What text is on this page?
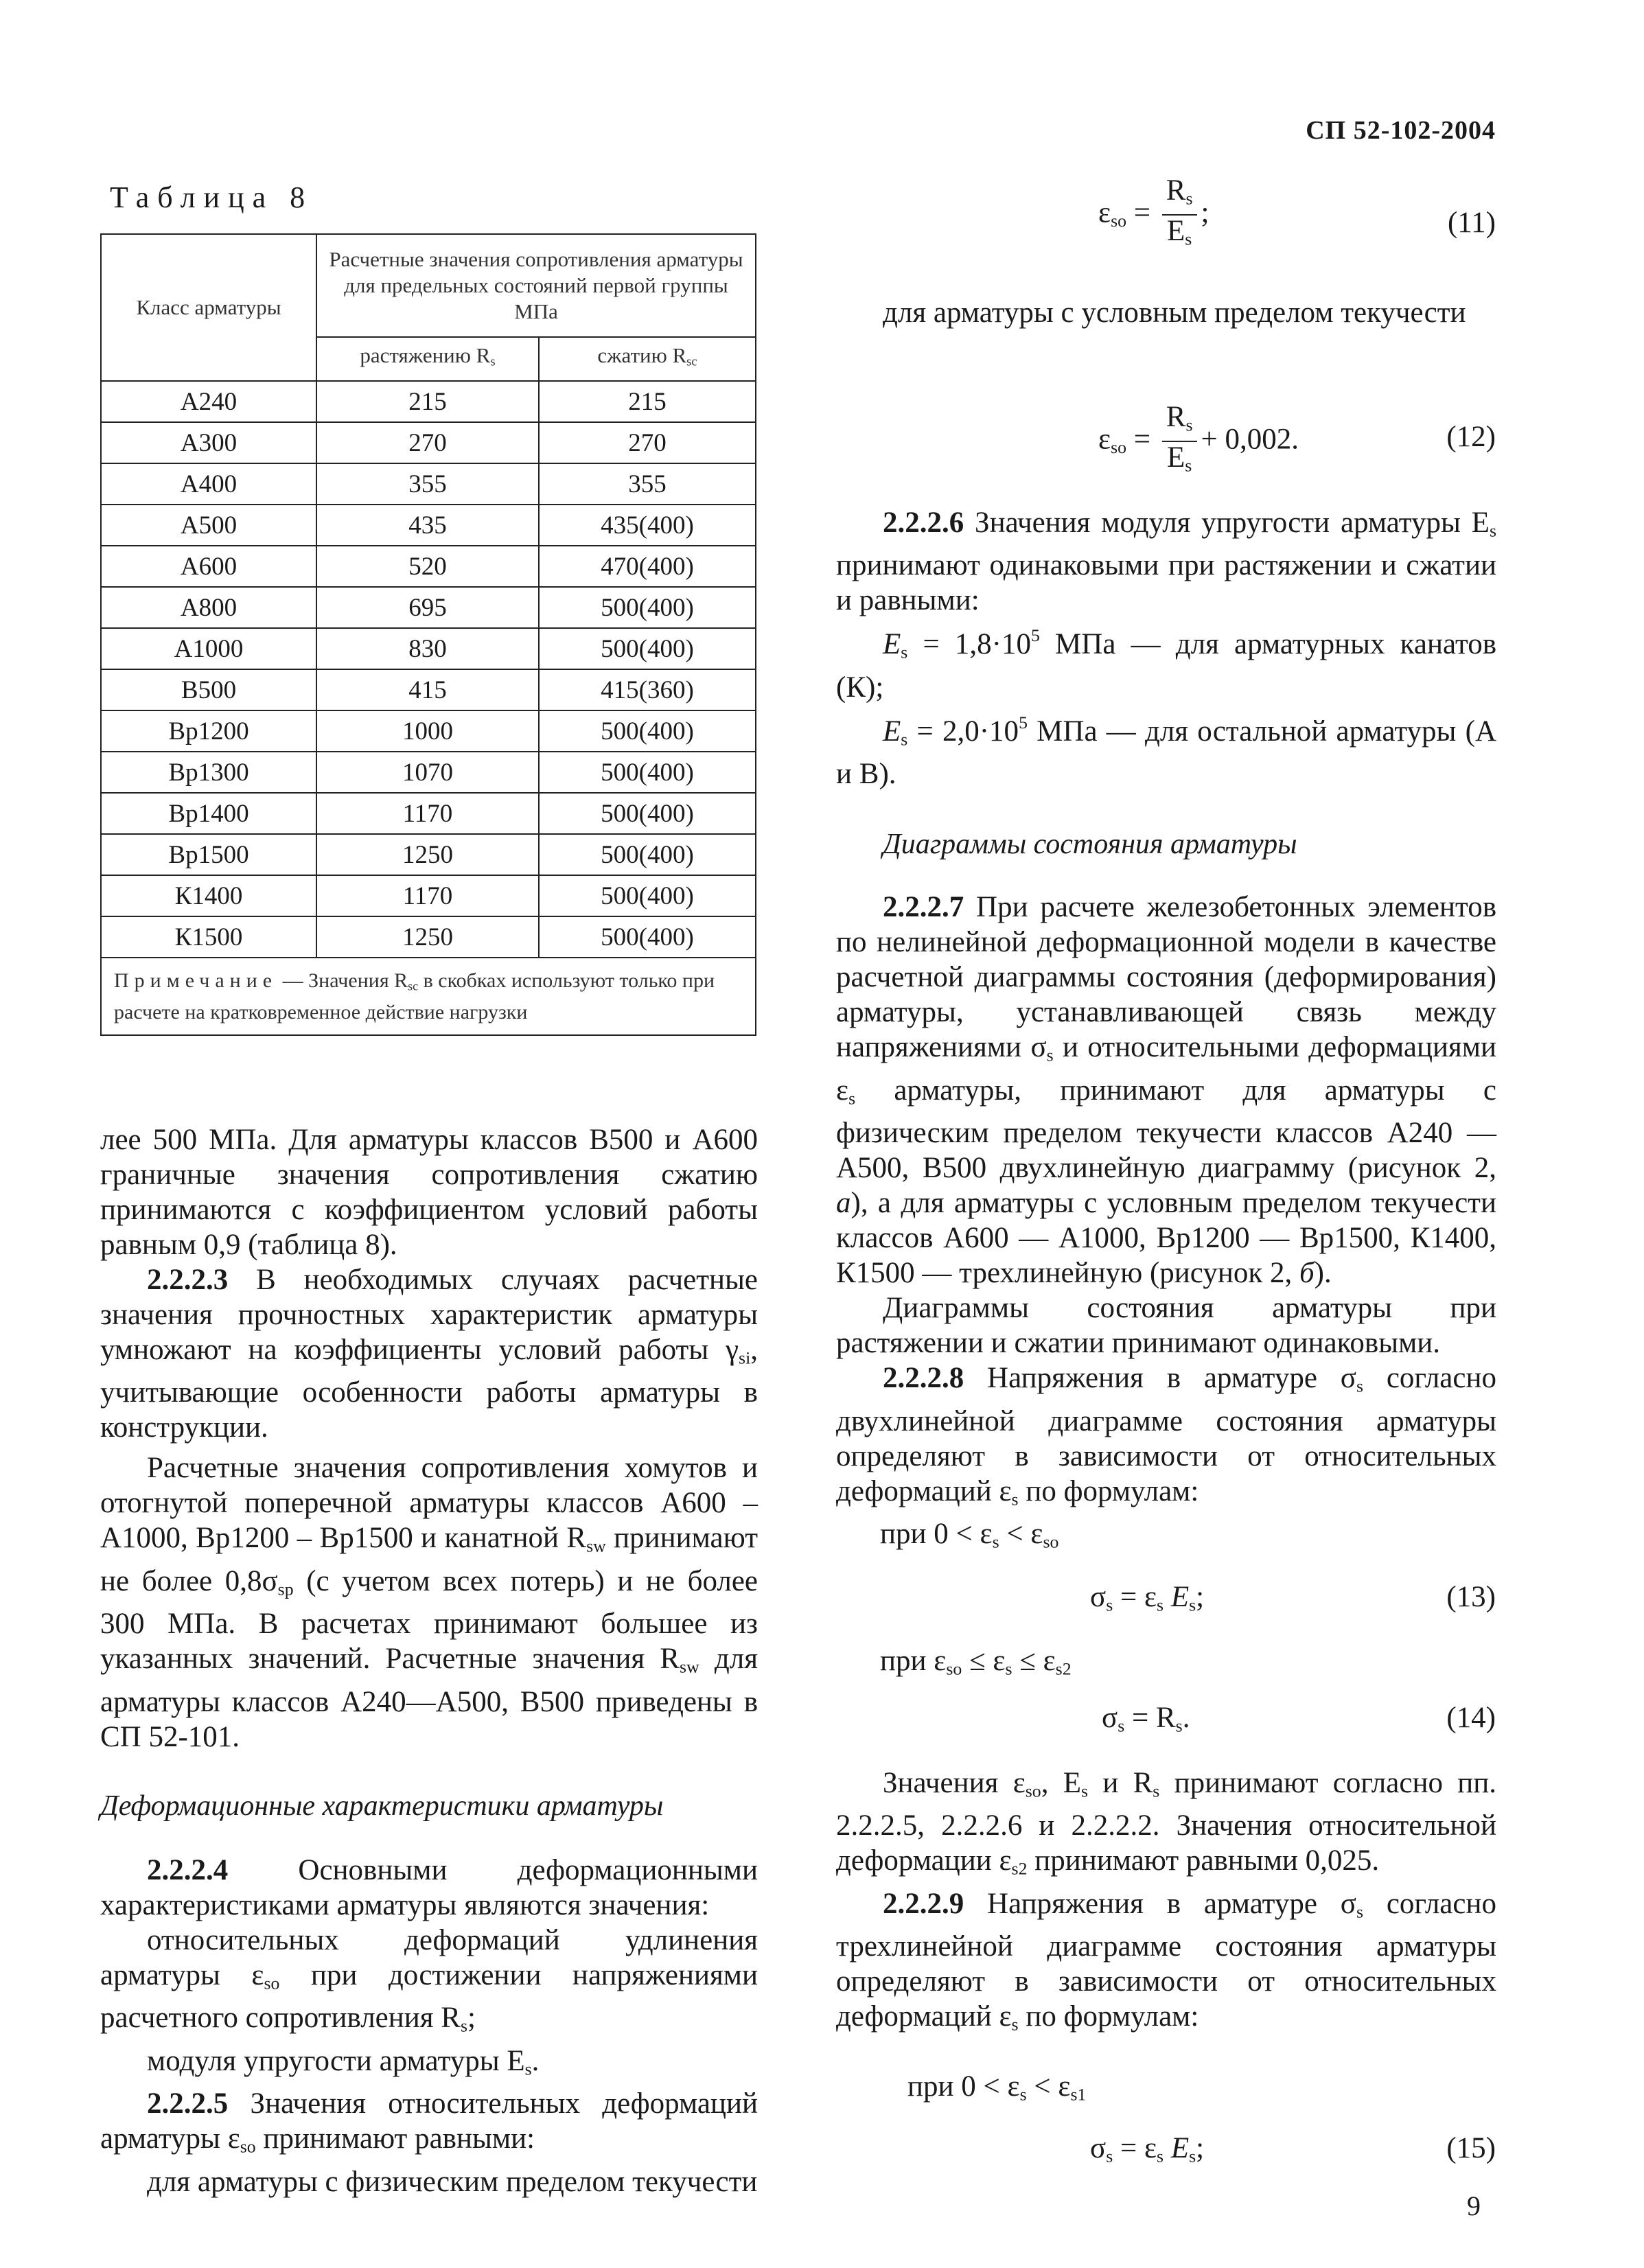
СП 52-102-2004
9
Таблица 8
Класс арматуры	Расчетные значения сопротивления арматуры для предельных состояний первой группы МПа	
	растяжению $R_s$	сжатию $R_{sc}$
А240	215	215
А300	270	270
А400	355	355
А500	435	435(400)
А600	520	470(400)
А800	695	500(400)
А1000	830	500(400)
В500	415	415(360)
Вр1200	1000	500(400)
Вр1300	1070	500(400)
Вр1400	1170	500(400)
Вр1500	1250	500(400)
К1400	1170	500(400)
К1500	1250	500(400)
Примечание — Значения $R_{sc}$ в скобках используют только при расчете на кратковременное действие нагрузки		

лее 500 МПа. Для арматуры классов В500 и А600 граничные значения сопротивления сжатию принимаются с коэффициентом условий работы равным 0,9 (таблица 8).

2.2.2.3 В необходимых случаях расчетные значения прочностных характеристик арматуры умножают на коэффициенты условий работы $\gamma_{si}$, учитывающие особенности работы арматуры в конструкции.

Расчетные значения сопротивления хомутов и отогнутой поперечной арматуры классов А600 – А1000, Вр1200 – Вр1500 и канатной $R_{sw}$ принимают не более $0,8\sigma_{sp}$ (с учетом всех потерь) и не более 300 МПа. В расчетах принимают большее из указанных значений. Расчетные значения $R_{sw}$ для арматуры классов А240—А500, В500 приведены в СП 52-101.

Деформационные характеристики арматуры

2.2.2.4 Основными деформационными характеристиками арматуры являются значения:

относительных деформаций удлинения арматуры $\varepsilon_{so}$ при достижении напряжениями расчетного сопротивления $R_s$;

модуля упругости арматуры $E_s$.

2.2.2.5 Значения относительных деформаций арматуры $\varepsilon_{so}$ принимают равными:

для арматуры с физическим пределом текучести

$\varepsilon_{so} = \frac{R_s}{E_s}$ ;	(11)

для арматуры с условным пределом текучести

$\varepsilon_{so} = \frac{R_s}{E_s} + 0,002$.	(12)

2.2.2.6 Значения модуля упругости арматуры $E_s$ принимают одинаковыми при растяжении и сжатии и равными:

$E_s = 1,8\cdot 10^5$ МПа — для арматурных канатов (К);

$E_s = 2,0\cdot 10^5$ МПа — для остальной арматуры (А и В).

Диаграммы состояния арматуры

2.2.2.7 При расчете железобетонных элементов по нелинейной деформационной модели в качестве расчетной диаграммы состояния (деформирования) арматуры, устанавливающей связь между напряжениями $\sigma_s$ и относительными деформациями $\varepsilon_s$ арматуры, принимают для арматуры с физическим пределом текучести классов А240 — А500, В500 двухлинейную диаграмму (рисунок 2, а), а для арматуры с условным пределом текучести классов А600 — А1000, Вр1200 — Вр1500, К1400, К1500 — трехлинейную (рисунок 2, б).

Диаграммы состояния арматуры при растяжении и сжатии принимают одинаковыми.

2.2.2.8 Напряжения в арматуре $\sigma_s$ согласно двухлинейной диаграмме состояния арматуры определяют в зависимости от относительных деформаций $\varepsilon_s$ по формулам:

при $0 < \varepsilon_s < \varepsilon_{so}$
$\sigma_s = \varepsilon_s$ $E_s$;	(13)
при $\varepsilon_{so} \le \varepsilon_s \le \varepsilon_{s2}$
$\sigma_s = R_s$.	(14)

Значения $\varepsilon_{so}$, $E_s$ и $R_s$ принимают согласно пп. 2.2.2.5, 2.2.2.6 и 2.2.2.2. Значения относительной деформации $\varepsilon_{s2}$ принимают равными 0,025.

2.2.2.9 Напряжения в арматуре $\sigma_s$ согласно трехлинейной диаграмме состояния арматуры определяют в зависимости от относительных деформаций $\varepsilon_s$ по формулам:

при $0 < \varepsilon_s < \varepsilon_{s1}$
$\sigma_s = \varepsilon_s$ $E_s$;	(15)
